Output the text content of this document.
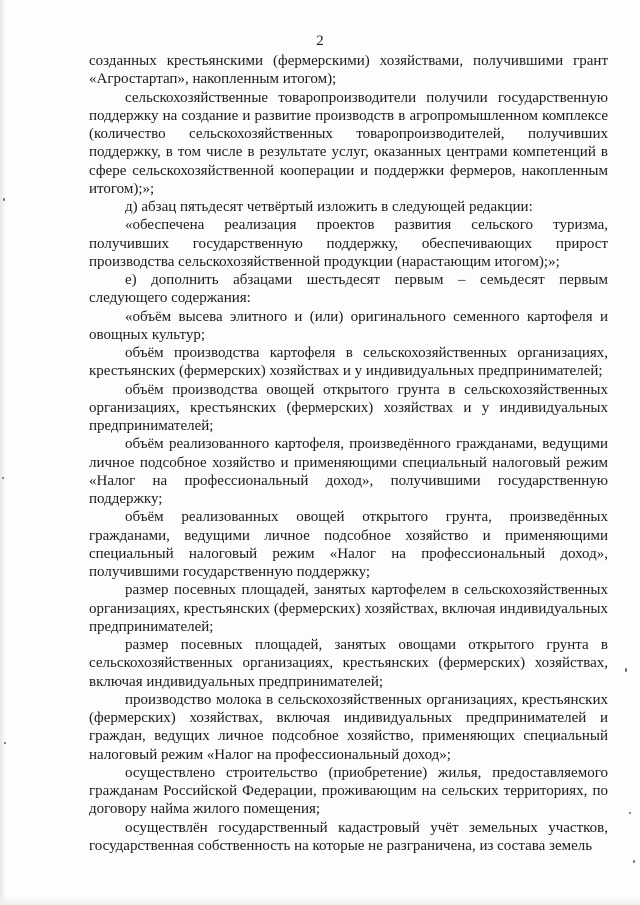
2

созданных крестьянскими (фермерскими) хозяйствами, получившими грант «Агростартап», накопленным итогом);

сельскохозяйственные товаропроизводители получили государственную поддержку на создание и развитие производств в агропромышленном комплексе (количество сельскохозяйственных товаропроизводителей, получивших поддержку, в том числе в результате услуг, оказанных центрами компетенций в сфере сельскохозяйственной кооперации и поддержки фермеров, накопленным итогом);»;

д) абзац пятьдесят четвёртый изложить в следующей редакции:

«обеспечена реализация проектов развития сельского туризма, получивших государственную поддержку, обеспечивающих прирост производства сельскохозяйственной продукции (нарастающим итогом);»;

е) дополнить абзацами шестьдесят первым – семьдесят первым следующего содержания:

«объём высева элитного и (или) оригинального семенного картофеля и овощных культур;

объём производства картофеля в сельскохозяйственных организациях, крестьянских (фермерских) хозяйствах и у индивидуальных предпринимателей;

объём производства овощей открытого грунта в сельскохозяйственных организациях, крестьянских (фермерских) хозяйствах и у индивидуальных предпринимателей;

объём реализованного картофеля, произведённого гражданами, ведущими личное подсобное хозяйство и применяющими специальный налоговый режим «Налог на профессиональный доход», получившими государственную поддержку;

объём реализованных овощей открытого грунта, произведённых гражданами, ведущими личное подсобное хозяйство и применяющими специальный налоговый режим «Налог на профессиональный доход», получившими государственную поддержку;

размер посевных площадей, занятых картофелем в сельскохозяйственных организациях, крестьянских (фермерских) хозяйствах, включая индивидуальных предпринимателей;

размер посевных площадей, занятых овощами открытого грунта в сельскохозяйственных организациях, крестьянских (фермерских) хозяйствах, включая индивидуальных предпринимателей;

производство молока в сельскохозяйственных организациях, крестьянских (фермерских) хозяйствах, включая индивидуальных предпринимателей и граждан, ведущих личное подсобное хозяйство, применяющих специальный налоговый режим «Налог на профессиональный доход»;

осуществлено строительство (приобретение) жилья, предоставляемого гражданам Российской Федерации, проживающим на сельских территориях, по договору найма жилого помещения;

осуществлён государственный кадастровый учёт земельных участков, государственная собственность на которые не разграничена, из состава земель
